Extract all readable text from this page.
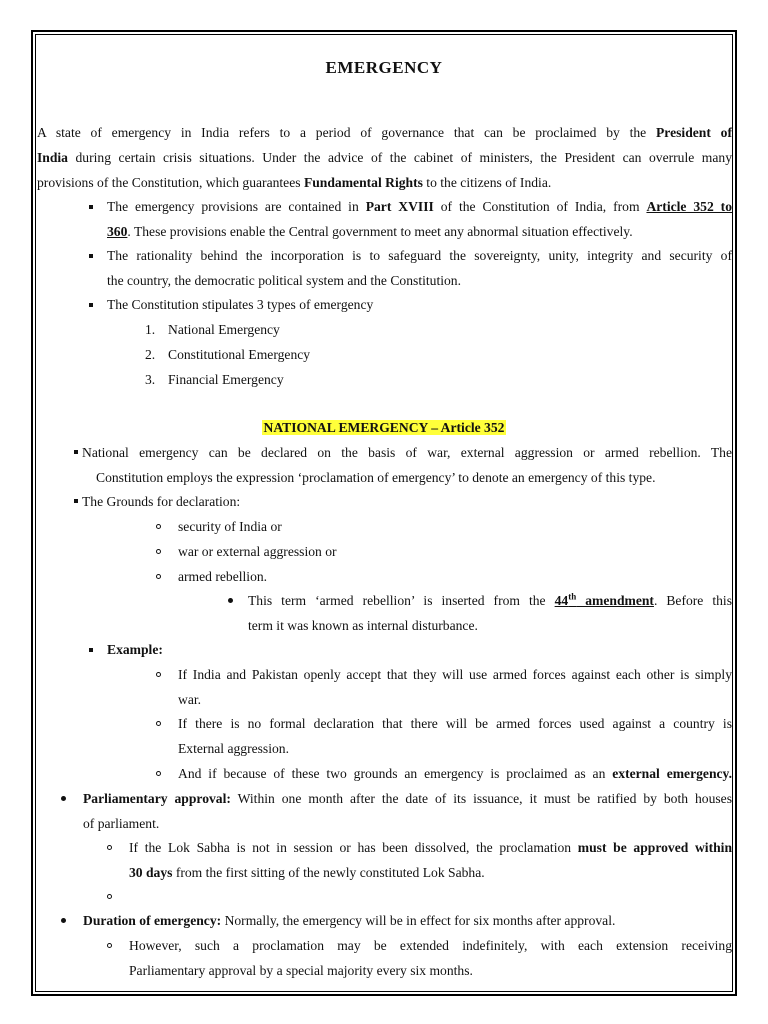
EMERGENCY
A state of emergency in India refers to a period of governance that can be proclaimed by the President of
India during certain crisis situations. Under the advice of the cabinet of ministers, the President can overrule many
provisions of the Constitution, which guarantees Fundamental Rights to the citizens of India.
The emergency provisions are contained in Part XVIII of the Constitution of India, from Article 352 to
360. These provisions enable the Central government to meet any abnormal situation effectively.
The rationality behind the incorporation is to safeguard the sovereignty, unity, integrity and security of
the country, the democratic political system and the Constitution.
The Constitution stipulates 3 types of emergency
1. National Emergency
2. Constitutional Emergency
3. Financial Emergency
NATIONAL EMERGENCY – Article 352
National emergency can be declared on the basis of war, external aggression or armed rebellion. The
Constitution employs the expression ‘proclamation of emergency’ to denote an emergency of this type.
The Grounds for declaration:
security of India or
war or external aggression or
armed rebellion.
This term ‘armed rebellion’ is inserted from the 44th amendment. Before this
term it was known as internal disturbance.
Example:
If India and Pakistan openly accept that they will use armed forces against each other is simply
war.
If there is no formal declaration that there will be armed forces used against a country is
External aggression.
And if because of these two grounds an emergency is proclaimed as an external emergency.
Parliamentary approval: Within one month after the date of its issuance, it must be ratified by both houses
of parliament.
If the Lok Sabha is not in session or has been dissolved, the proclamation must be approved within
30 days from the first sitting of the newly constituted Lok Sabha.
Duration of emergency: Normally, the emergency will be in effect for six months after approval.
However, such a proclamation may be extended indefinitely, with each extension receiving
Parliamentary approval by a special majority every six months.
